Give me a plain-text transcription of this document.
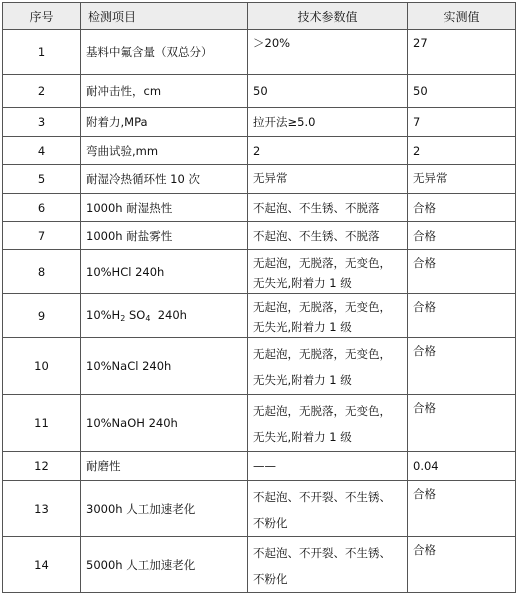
序号	检测项目	技术参数值	实测值
1	基料中氟含量（双总分）	＞20%	27

2	耐冲击性，cm	50	50

3	附着力,MPa	拉开法≥5.0	7

4	弯曲试验,mm	2	2

5	耐湿冷热循环性 10 次	无异常	无异常

6	1000h 耐湿热性	不起泡、不生锈、不脱落	合格

7	1000h 耐盐雾性	不起泡、不生锈、不脱落	合格

8	10%HCl 240h	无起泡，无脱落，无变色，
无失光,附着力 1 级	合格

9	$10\%H_2$ $SO_4$  240h	无起泡，无脱落，无变色，
无失光,附着力 1 级	合格

10	10%NaCl 240h	无起泡，无脱落，无变色，
无失光,附着力 1 级	合格

11	10%NaOH 240h	无起泡，无脱落，无变色，
无失光,附着力 1 级	合格

12	耐磨性	——	0.04

13	3000h 人工加速老化	不起泡、不开裂、不生锈、
不粉化	合格

14	5000h 人工加速老化	不起泡、不开裂、不生锈、
不粉化	合格
